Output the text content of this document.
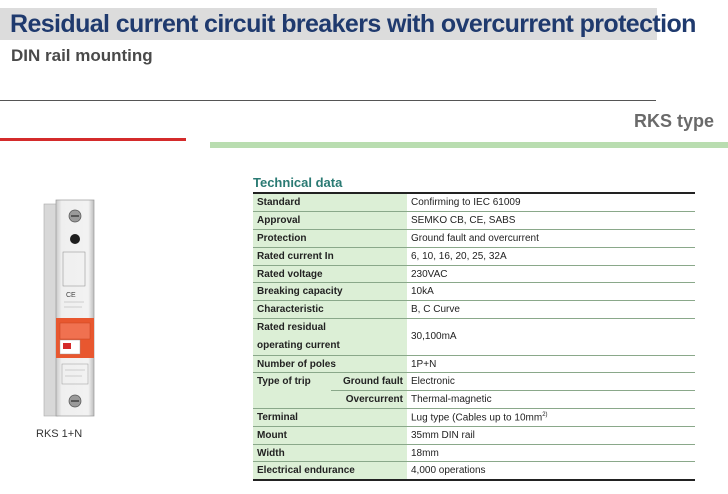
Residual current circuit breakers with overcurrent protection
DIN rail mounting
RKS type
CE
RKS 1+N
Technical data
Standard		Confirming to IEC 61009
Approval		SEMKO CB, CE, SABS
Protection		Ground fault and overcurrent
Rated current In		6, 10, 16, 20, 25, 32A
Rated voltage		230VAC
Breaking capacity		10kA
Characteristic		B, C Curve

Rated residual
operating current		30,100mA
Number of poles		1P+N
Type of trip	Ground fault	Electronic
	Overcurrent	Thermal-magnetic
Terminal		Lug type (Cables up to $10mm^{2)}$
Mount		35mm DIN rail
Width		18mm
Electrical endurance		4,000 operations
